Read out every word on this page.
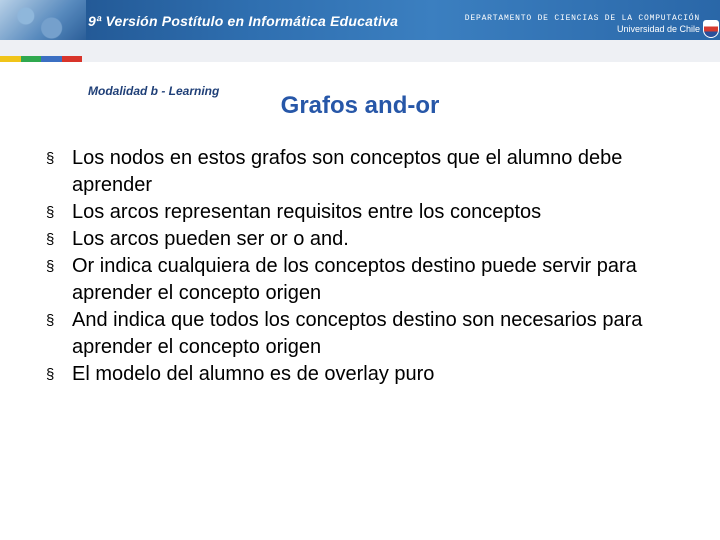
9ª Versión Postítulo en Informática Educativa	DEPARTAMENTO DE CIENCIAS DE LA COMPUTACIÓN
Universidad de Chile
Modalidad b - Learning
Grafos and-or
§ Los nodos en estos grafos son conceptos que el alumno debe aprender
§ Los arcos representan requisitos entre los conceptos
§ Los arcos pueden ser or o and.
§ Or indica cualquiera de los conceptos destino puede servir para aprender el concepto origen
§ And indica que todos los conceptos destino son necesarios para aprender el concepto origen
§ El modelo del alumno es de overlay puro
